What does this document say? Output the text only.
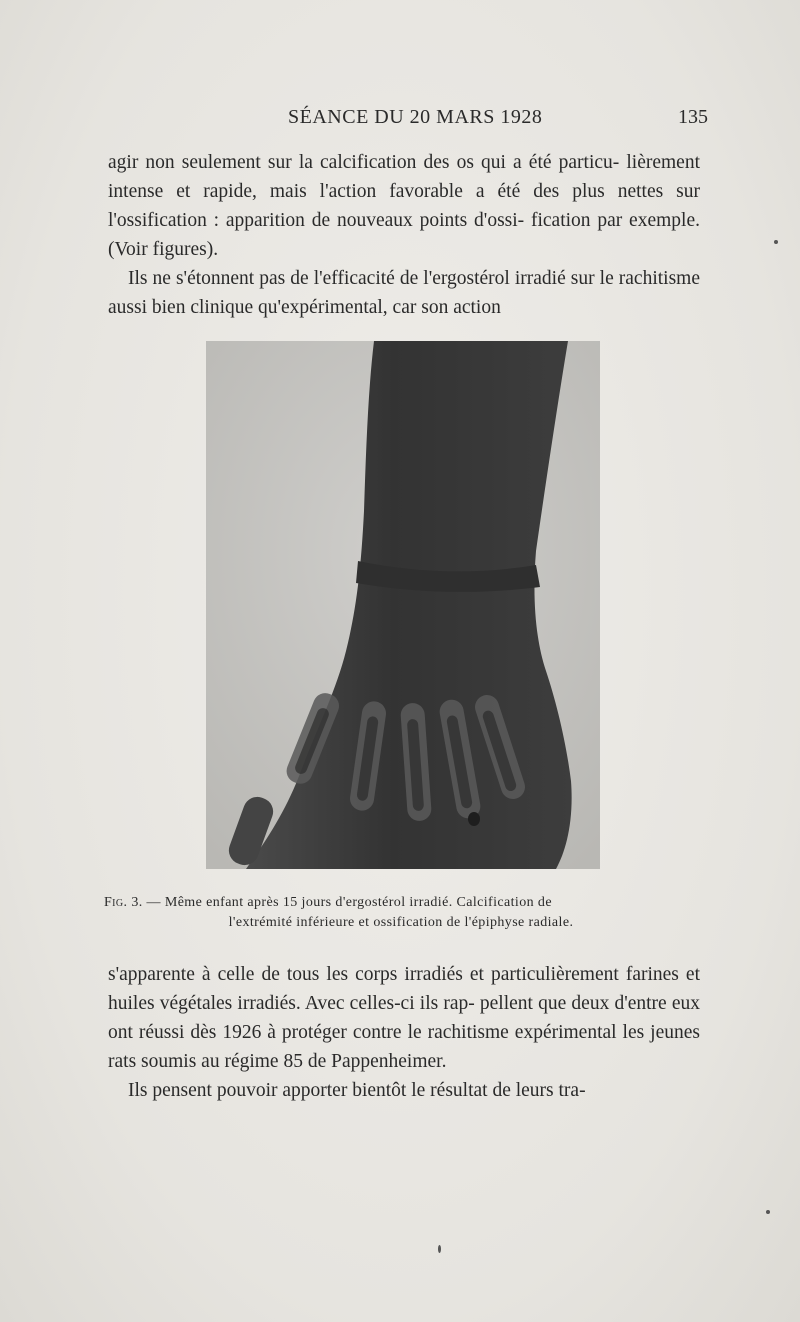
SÉANCE DU 20 MARS 1928	135

agir non seulement sur la calcification des os qui a été particu- lièrement intense et rapide, mais l'action favorable a été des plus nettes sur l'ossification : apparition de nouveaux points d'ossi- fication par exemple. (Voir figures).

Ils ne s'étonnent pas de l'efficacité de l'ergostérol irradié sur le rachitisme aussi bien clinique qu'expérimental, car son action

Fig. 3. — Même enfant après 15 jours d'ergostérol irradié. Calcification de
l'extrémité inférieure et ossification de l'épiphyse radiale.

s'apparente à celle de tous les corps irradiés et particulièrement farines et huiles végétales irradiés. Avec celles-ci ils rap- pellent que deux d'entre eux ont réussi dès 1926 à protéger contre le rachitisme expérimental les jeunes rats soumis au régime 85 de Pappenheimer.

Ils pensent pouvoir apporter bientôt le résultat de leurs tra-
